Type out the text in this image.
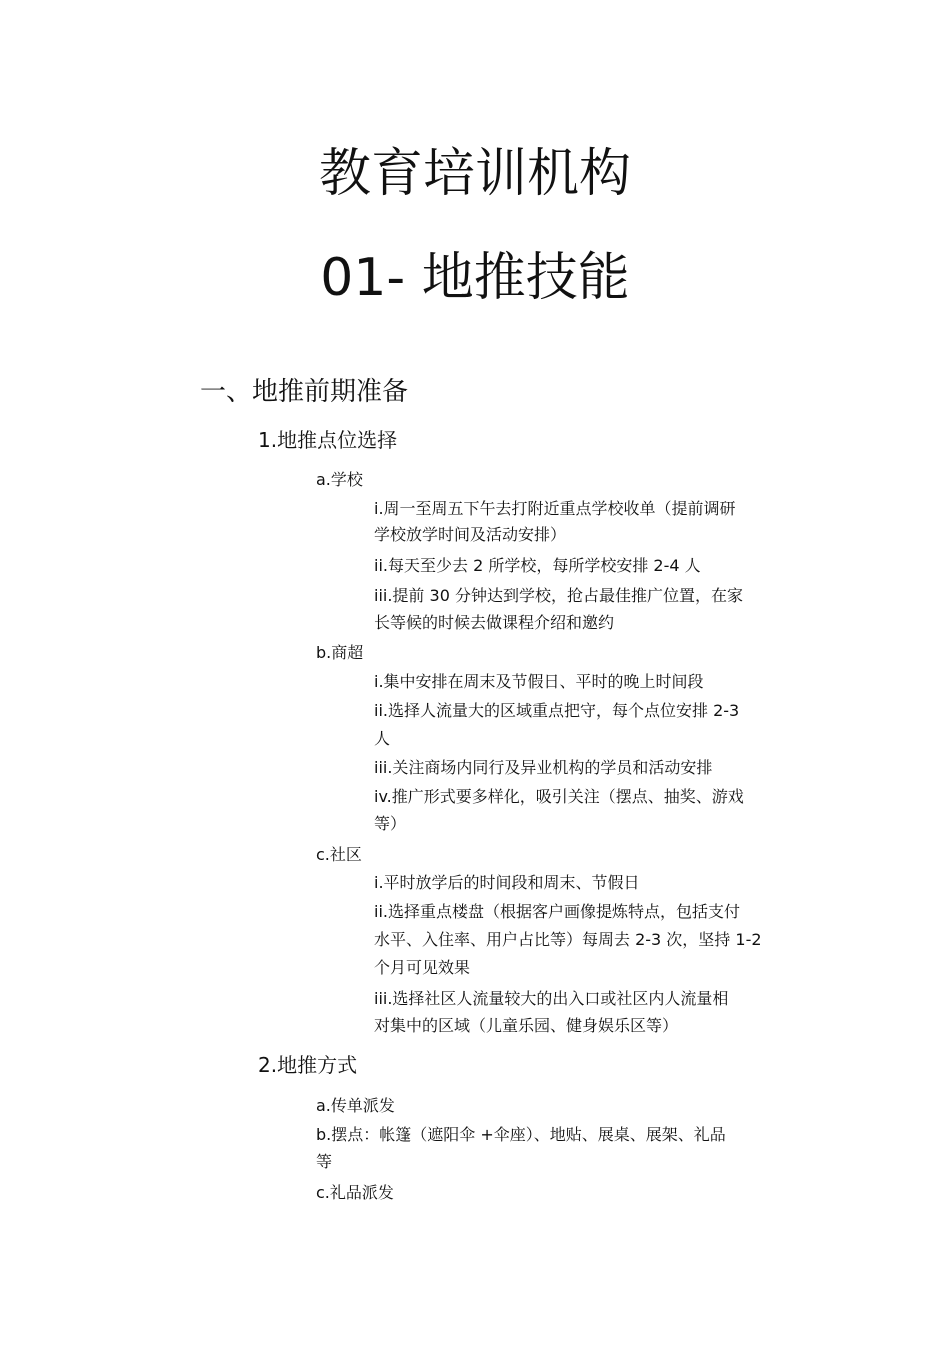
教育培训机构
01- 地推技能
一、地推前期准备
1.地推点位选择
a.学校
i.周一至周五下午去打附近重点学校收单（提前调研
学校放学时间及活动安排）
ii.每天至少去 2 所学校，每所学校安排 2-4 人
iii.提前 30 分钟达到学校，抢占最佳推广位置，在家
长等候的时候去做课程介绍和邀约
b.商超
i.集中安排在周末及节假日、平时的晚上时间段
ii.选择人流量大的区域重点把守，每个点位安排 2-3
人
iii.关注商场内同行及异业机构的学员和活动安排
iv.推广形式要多样化，吸引关注（摆点、抽奖、游戏
等）
c.社区
i.平时放学后的时间段和周末、节假日
ii.选择重点楼盘（根据客户画像提炼特点，包括支付
水平、入住率、用户占比等）每周去 2-3 次，坚持 1-2
个月可见效果
iii.选择社区人流量较大的出入口或社区内人流量相
对集中的区域（儿童乐园、健身娱乐区等）
2.地推方式
a.传单派发
b.摆点：帐篷（遮阳伞 +伞座）、地贴、展桌、展架、礼品
等
c.礼品派发
